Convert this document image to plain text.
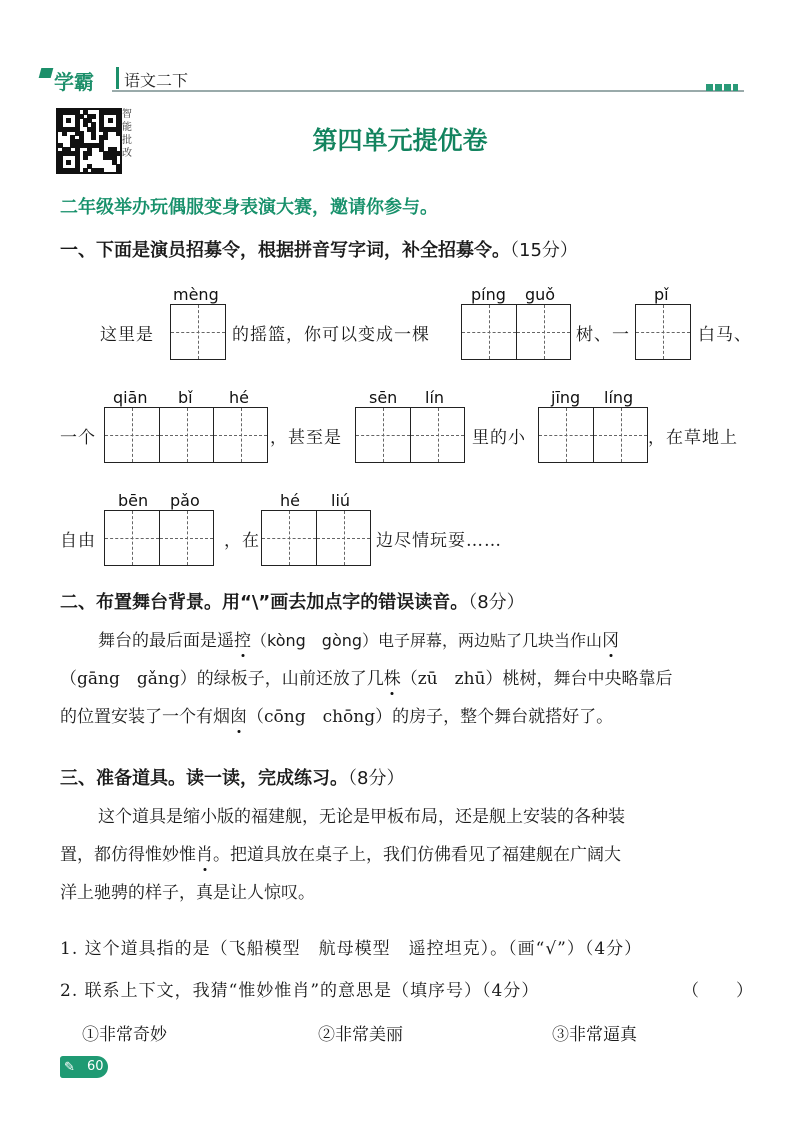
学霸 语文二下
智能批改	第四单元提优卷
二年级举办玩偶服变身表演大赛，邀请你参与。
一、下面是演员招募令，根据拼音写字词，补全招募令。（15分）
这里是
mèng
的摇篮，你可以变成一棵
píng guǒ
树、一
pǐ
白马、
一个
qiān bǐ hé
，甚至是
sēn lín
里的小
jīng líng
，在草地上
自由
bēn pǎo
，在
hé liú
边尽情玩耍……
二、布置舞台背景。用“\”画去加点字的错误读音。（8分）
舞台的最后面是遥控（kòng　gòng）电子屏幕，两边贴了几块当作山冈
（gāng　gǎng）的绿板子，山前还放了几株（zū　zhū）桃树，舞台中央略靠后
的位置安装了一个有烟囱（cōng　chōng）的房子，整个舞台就搭好了。
三、准备道具。读一读，完成练习。（8分）
这个道具是缩小版的福建舰，无论是甲板布局，还是舰上安装的各种装
置，都仿得惟妙惟肖。把道具放在桌子上，我们仿佛看见了福建舰在广阔大
洋上驰骋的样子，真是让人惊叹。
1. 这个道具指的是（飞船模型　航母模型　遥控坦克）。（画“√”）（4分）
2. 联系上下文，我猜“惟妙惟肖”的意思是（填序号）（4分）	（　　）
①非常奇妙	②非常美丽	③非常逼真
✎ 60
